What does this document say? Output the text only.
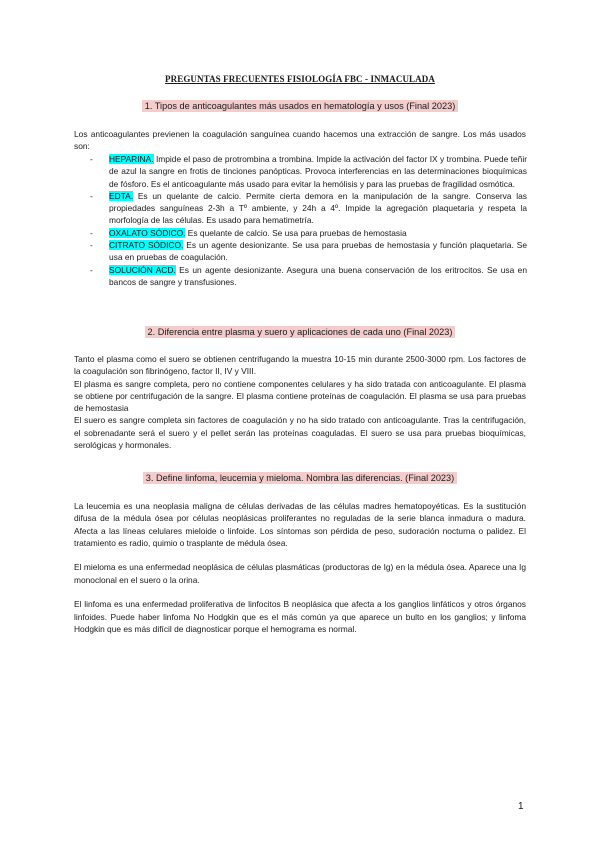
PREGUNTAS FRECUENTES FISIOLOGÍA FBC - INMACULADA
1. Tipos de anticoagulantes más usados en hematología y usos (Final 2023)

Los anticoagulantes previenen la coagulación sanguínea cuando hacemos una extracción de sangre. Los más usados son:

- HEPARINA. Impide el paso de protrombina a trombina. Impide la activación del factor IX y trombina. Puede teñir de azul la sangre en frotis de tinciones panópticas. Provoca interferencias en las determinaciones bioquímicas de fósforo. Es el anticoagulante más usado para evitar la hemólisis y para las pruebas de fragilidad osmótica.
- EDTA. Es un quelante de calcio. Permite cierta demora en la manipulación de la sangre. Conserva las propiedades sanguíneas 2-3h a Tº ambiente, y 24h a 4º. Impide la agregación plaquetaria y respeta la morfología de las células. Es usado para hematimetría.
- OXALATO SÓDICO. Es quelante de calcio. Se usa para pruebas de hemostasia
- CITRATO SÓDICO. Es un agente desionizante. Se usa para pruebas de hemostasia y función plaquetaria. Se usa en pruebas de coagulación.
- SOLUCIÓN ACD. Es un agente desionizante. Asegura una buena conservación de los eritrocitos. Se usa en bancos de sangre y transfusiones.
2. Diferencia entre plasma y suero y aplicaciones de cada uno (Final 2023)

Tanto el plasma como el suero se obtienen centrifugando la muestra 10-15 min durante 2500-3000 rpm. Los factores de la coagulación son fibrinógeno, factor II, IV y VIII.

El plasma es sangre completa, pero no contiene componentes celulares y ha sido tratada con anticoagulante. El plasma se obtiene por centrifugación de la sangre. El plasma contiene proteínas de coagulación. El plasma se usa para pruebas de hemostasia

El suero es sangre completa sin factores de coagulación y no ha sido tratado con anticoagulante. Tras la centrifugación, el sobrenadante será el suero y el pellet serán las proteínas coaguladas. El suero se usa para pruebas bioquímicas, serológicas y hormonales.

3. Define linfoma, leucemia y mieloma. Nombra las diferencias. (Final 2023)

La leucemia es una neoplasia maligna de células derivadas de las células madres hematopoyéticas. Es la sustitución difusa de la médula ósea por células neoplásicas proliferantes no reguladas de la serie blanca inmadura o madura. Afecta a las líneas celulares mieloide o linfoide. Los síntomas son pérdida de peso, sudoración nocturna o palidez. El tratamiento es radio, quimio o trasplante de médula ósea.

El mieloma es una enfermedad neoplásica de células plasmáticas (productoras de Ig) en la médula ósea. Aparece una Ig monoclonal en el suero o la orina.

El linfoma es una enfermedad proliferativa de linfocitos B neoplásica que afecta a los ganglios linfáticos y otros órganos linfoides. Puede haber linfoma No Hodgkin que es el más común ya que aparece un bulto en los ganglios; y linfoma Hodgkin que es más difícil de diagnosticar porque el hemograma es normal.

1
